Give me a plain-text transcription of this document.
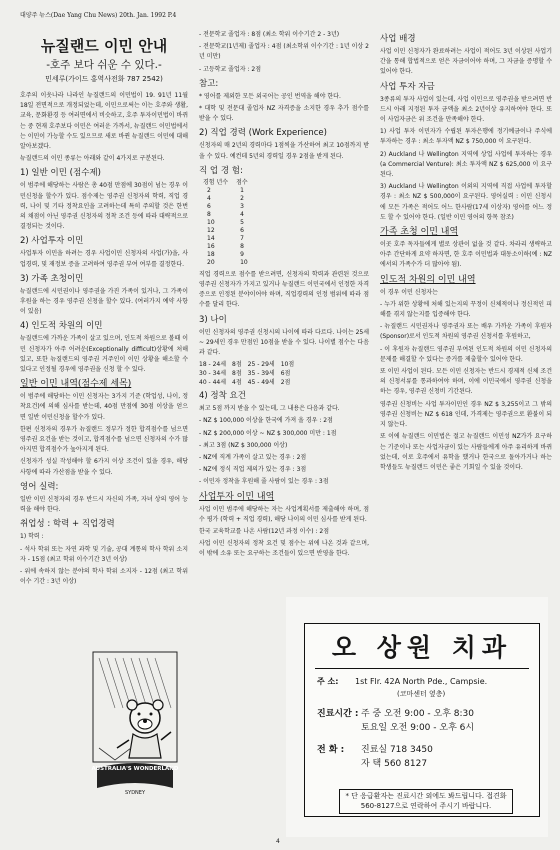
대양주 뉴스(Dae Yang Chu News) 20th. Jan. 1992 P.4
뉴질랜드 이민 안내
-호주 보다 쉬운 수 있다.-
민세루(가이드 홍역사전화 787 2542)

호주의 이웃나라 나라인 뉴질랜드의 이민법이 19. 91년 11월 18일 전면적으로 개정되었는데, 이민으로써는 이는 호주와 생활, 교육, 문화환경 등 여러면에서 비슷하고, 호주 투자이민법이 바뀌는 중 현재 호주보다 이민은 여러운 가까서, 뉴질랜드 이민법에서는 이민이 가능할 수도 있으므로 새로 바뀐 뉴질랜드 이민에 대해 알아보겠다.

뉴질랜드의 이민 종류는 아래와 같이 4가지로 구분된다.

1) 일반 이민 (점수제)

이 범주에 해당하는 사람은 총 40점 만점에 30점이 넘는 경우 이민신청을 할수가 있다. 점수제는 영주권 신청자의 학력, 직업 경력, 나이 및 기타 정착요인을 고려하는데 특히 주의할 것은 한번의 채점이 아닌 영주권 신청자의 정착 조건 등에 따라 대략적으로 결정되는 것이다.

2) 사업투자 이민

사업투자 이민을 하려는 경우 사업이민 신청자의 사업(가)을, 사업경력, 및 재정보 증을 고려하여 영주권 부여 여부를 결정한다.

3) 가족 초청이민

뉴질랜드에 시민권이나 영주권을 가진 가족이 있거나, 그 가족이 후원을 하는 경우 영주권 신청을 할수 있다. (여러가지 예약 사항이 있음)

4) 인도적 차원의 이민

뉴질랜드에 가까운 가족이 살고 있으며, 인도적 차원으로 볼때 이민 신청자가 아주 어려운(Exceptionally difficult)상황에 처해 있고, 또한 뉴질랜드의 영주권 거주인이 이민 상황을 해소할 수 있다고 인정될 경우에 영주권을 신청 할 수 있다.

일반 이민 내역(점수제 세목)

이 범주에 해당하는 이민 신청자는 3가지 기준 (학업성, 나이, 정착요건)에 의해 심사를 받는데, 40점 만점에 30점 이상을 얻으면 일반 이민신청을 할수가 있다.

한편 신청자의 경우가 뉴질랜드 정부가 정한 합격점수를 넘으면 영주권 요건을 받는 것이고, 합격점수를 넘으면 신청자의 수가 많아지면 합격점수가 높아지게 된다.

신청자가 성실 작성해야 할 6가지 이상 조건이 있을 경우, 해당 사항에 따라 가산점을 받을 수 있다.

영어 실력:

일반 이민 신청자의 경우 반드시 자신의 가족, 자녀 상의 영어 능력을 해야 한다.

취업성 : 학력 + 직업경력

1) 학력 :

- 석사 학위 또는 자연 과학 및 기술, 공대 계통의 학사 학위 소지자 - 15점 (최고 학위 이수기간 3년 이상)

- 위에 속하지 않는 분야의 학사 학위 소지자 - 12점 (최고 학위 이수 기간 : 3년 이상)

- 전문학교 졸업자 : 8점 (최소 학위 이수기간 2 - 3년)

- 전문학교(1년제) 졸업자 : 4점 (최소학위 이수기간 : 1년 이상 2년 미만)

- 고등학교 졸업자 : 2점

참고:

* 영어를 제외한 모든 외국어는 공인 번역을 해야 한다.

* 대학 및 전문대 졸업자 NZ 자격증을 소지한 경우 추가 점수를 받을 수 있다.

2) 직업 경력 (Work Experience)

신청자의 매 2년의 경력마다 1점씩을 가산하여 최고 10점까지 받을 수 있다. 예컨데 5년의 경력일 경우 2점을 받게 된다.

직 업 경 험:
경험 년수	점수
2	1
4	2
6	3
8	4
10	5
12	6
14	7
16	8
18	9
20	10

직업 경력으로 점수를 받으려면, 신청자의 학력과 관련된 것으로 영주권 신청자가 가지고 있거나 뉴질랜드 이민국에서 인정한 자격증으로 인정된 분야이어야 하며, 직업경력의 인정 범위에 따라 점수를 달리 한다.

3) 나이

이민 신청자의 영주권 신청시의 나이에 따라 다르다. 나이는 25세 ~ 29세인 경우 만점인 10점을 받을 수 있다. 나이별 점수는 다음과 같다.

18 - 24세	8점	25 - 29세	10점
30 - 34세	8점	35 - 39세	6점
40 - 44세	4점	45 - 49세	2점
4) 정착 요건

최고 5점 까지 받을 수 있는데, 그 내용은 다음과 같다.

- NZ $ 100,000 이상을 한국에 가져 올 경우 : 2점

- NZ $ 200,000 이상 ~ NZ $ 300,000 미만 : 1점

- 최고 3점 (NZ $ 300,000 이상)

- NZ에 직계 가족이 살고 있는 경우 : 2점

- NZ에 정식 직업 제의가 있는 경우 : 3점

- 이민자 정착을 후원해 줄 사람이 있는 경우 : 3점

사업투자 이민 내역

사업 이민 범주에 해당하는 자는 사업계획서를 제출해야 하며, 점수 평가 (학력 + 직업 경력), 해당 나이의 이민 심사를 받게 된다.

한국 교육학교를 나온 사람(12년 과정 이수) : 2점

사업 이민 신청자의 정착 요건 및 점수는 위에 나온 것과 같으며, 이 밖에 소유 또는 요구하는 조건들이 있으면 반영을 한다.

사업 배경

사업 이민 신청자가 완료하려는 사업이 적어도 3년 이상된 사업기간을 통해 합법적으로 얻은 자금이어야 하며, 그 자금을 증명할 수 있어야 한다.

사업 투자 자금

3종류의 투자 사업이 있는데, 사업 이민으로 영주권을 받으려면 반드시 아래 지정된 투자 금액을 최소 2년이상 유지하여야 한다. 또 이 사업자금은 위 조건을 만족해야 한다.

1) 사업 투자 이민자가 수립된 투자은행에 정기예금이나 주식에 투자하는 경우 : 최소 투자액 NZ $ 750,000 이 요구된다.

2) Auckland 나 Wellington 지역에 상업 사업에 투자하는 경우(a Commercial Venture): 최소 투자액 NZ $ 625,000 이 요구된다.

3) Auckland 나 Wellington 이외의 지역에 직접 사업에 투자할 경우 : 최소 NZ $ 500,000이 요구된다. 영어실력 : 이민 신청시에 모든 가족은 적어도 어느 한사람(17세 이상자) 영어를 어느 정도 할 수 있어야 한다. (일반 이민 영어의 항목 참조)

가족 초청 이민 내역

이곳 호주 독자들에게 별로 상관이 없을 것 같다. 차라리 생략하고 아주 간단하게 요약 하자면, 한 호주 이민법과 대동소이하(예 : NZ 에서의 가족수가 더 많아야 됨).

인도적 차원의 이민 내역

이 경우 이민 신청자는

- 누가 위한 상황에 처해 있는지의 꾸정이 신체적이나 정신적인 피해를 겪지 않는지를 입증해야 한다.

- 뉴질랜드 시민권자나 영주권자 또는 배우 가까운 가족이 후원자(Sponsor)로서 인도적 차원의 영주권 신청서를 후원하고,

- 이 후원자 뉴질랜드 영주권 부여된 인도적 차원의 이민 신청자의 문제를 해결할 수 있다는 증거를 제출할수 있어야 한다.

또 이민 사업이 된다. 모든 이민 신청자는 반드시 경제적 신체 조건의 신청서류를 통과하여야 하며, 이에 이민국에서 영주권 신청을 하는 경우, 영주권 신청비 기간된다.

영주권 신청비는 사업 투자이민인 경우 NZ $ 3,255이고 그 밖의 영주권 신청비는 NZ $ 618 인데, 가격제는 영주권으로 환불이 되지 않는다.

또 이에 뉴질랜드 이민법은 절고 뉴질랜드 이민성 NZ가가 요구하는 기준이나 또는 사업자금이 있는 사람들에게 아주 유리하게 바뀌었는데, 이로 호주에서 유학을 했거나 한국으로 돌아가거나 하는 학생들도 뉴질랜드 이민은 좋은 기회일 수 있을 것이다.

AUSTRALIA'S WONDERLAND
SYDNEY
오 상원 치과
주 소: 1st Flr. 42A North Pde., Campsie.
(코마센터 옆층)
진료시간 : 주 중 오전 9:00 - 오후 8:30
토요일 오전 9:00 - 오후 6시
전 화 : 진료실 718 3450
자 택 560 8127
* 단 응급환자는 진료시간 외에도 봐드립니다. 접견화 560-8127으로 연락하여 주시기 바랍니다.
4
